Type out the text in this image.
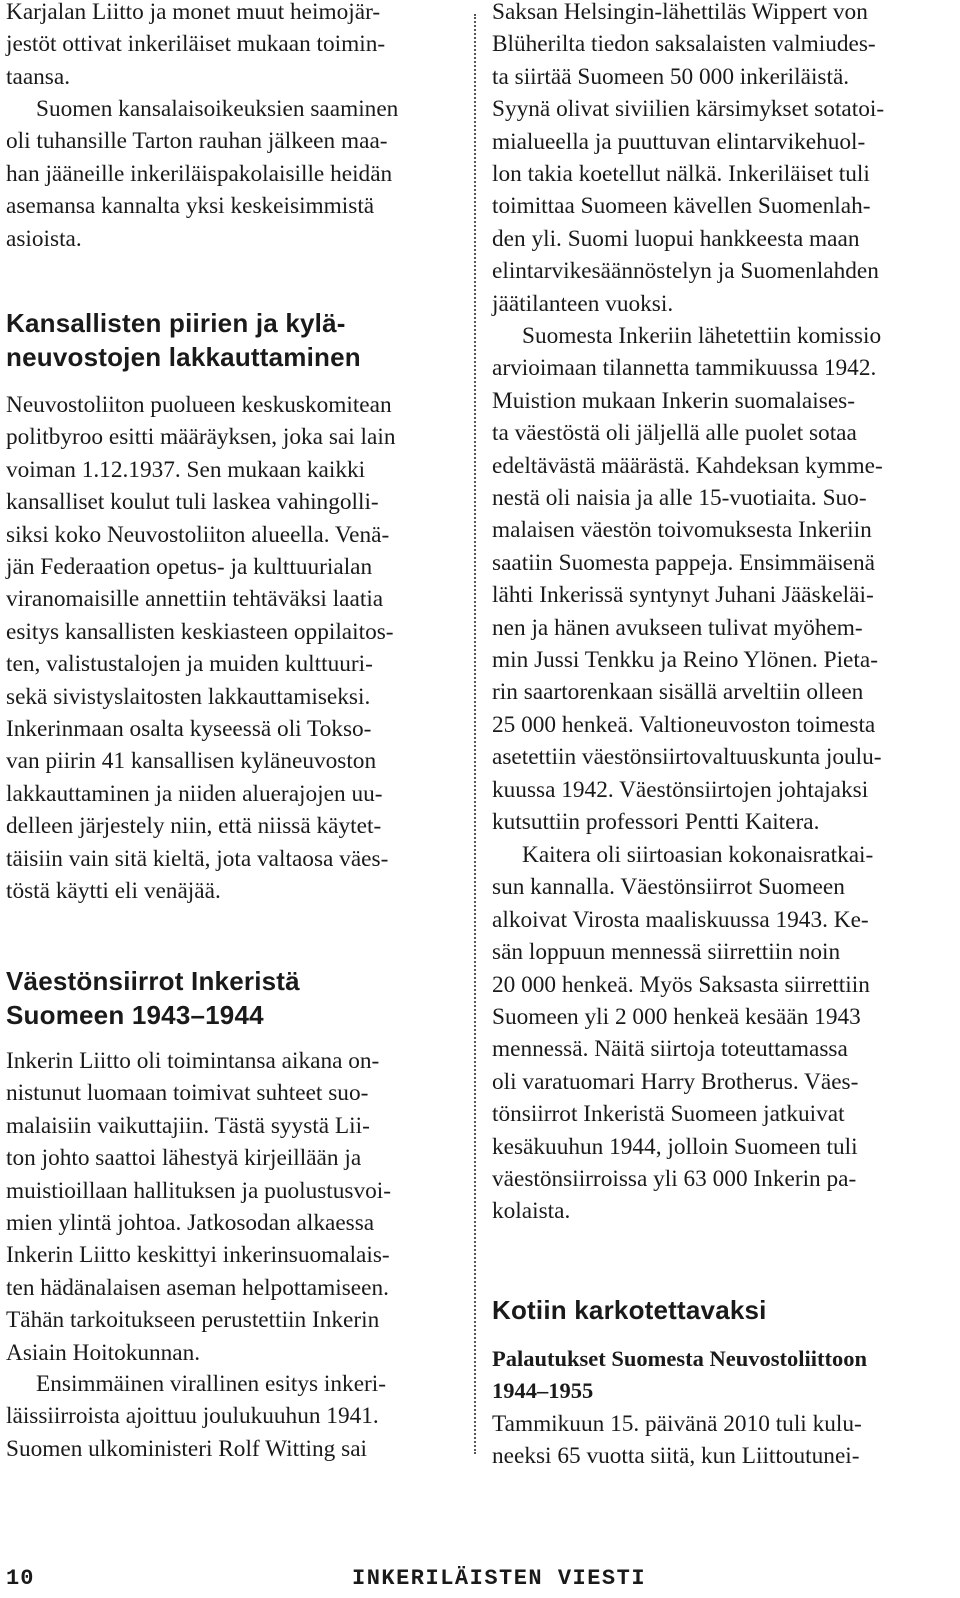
Karjalan Liitto ja monet muut heimojär-
jestöt ottivat inkeriläiset mukaan toimin-
taansa.

Suomen kansalaisoikeuksien saaminen
oli tuhansille Tarton rauhan jälkeen maa-
han jääneille inkeriläispakolaisille heidän
asemansa kannalta yksi keskeisimmistä
asioista.

Kansallisten piirien ja kylä-
neuvostojen lakkauttaminen

Neuvostoliiton puolueen keskuskomitean
politbyroo esitti määräyksen, joka sai lain
voiman 1.12.1937. Sen mukaan kaikki
kansalliset koulut tuli laskea vahingolli-
siksi koko Neuvostoliiton alueella. Venä-
jän Federaation opetus- ja kulttuurialan
viranomaisille annettiin tehtäväksi laatia
esitys kansallisten keskiasteen oppilaitos-
ten, valistustalojen ja muiden kulttuuri-
sekä sivistyslaitosten lakkauttamiseksi.
Inkerinmaan osalta kyseessä oli Tokso-
van piirin 41 kansallisen kyläneuvoston
lakkauttaminen ja niiden aluerajojen uu-
delleen järjestely niin, että niissä käytet-
täisiin vain sitä kieltä, jota valtaosa väes-
töstä käytti eli venäjää.

Väestönsiirrot Inkeristä
Suomeen 1943–1944

Inkerin Liitto oli toimintansa aikana on-
nistunut luomaan toimivat suhteet suo-
malaisiin vaikuttajiin. Tästä syystä Lii-
ton johto saattoi lähestyä kirjeillään ja
muistioillaan hallituksen ja puolustusvoi-
mien ylintä johtoa. Jatkosodan alkaessa
Inkerin Liitto keskittyi inkerinsuomalais-
ten hädänalaisen aseman helpottamiseen.
Tähän tarkoitukseen perustettiin Inkerin
Asiain Hoitokunnan.

Ensimmäinen virallinen esitys inkeri-
läissiirroista ajoittuu joulukuuhun 1941.
Suomen ulkoministeri Rolf Witting sai

Saksan Helsingin-lähettiläs Wippert von
Blüherilta tiedon saksalaisten valmiudes-
ta siirtää Suomeen 50 000 inkeriläistä.
Syynä olivat siviilien kärsimykset sotatoi-
mialueella ja puuttuvan elintarvikehuol-
lon takia koetellut nälkä. Inkeriläiset tuli
toimittaa Suomeen kävellen Suomenlah-
den yli. Suomi luopui hankkeesta maan
elintarvikesäännöstelyn ja Suomenlahden
jäätilanteen vuoksi.

Suomesta Inkeriin lähetettiin komissio
arvioimaan tilannetta tammikuussa 1942.
Muistion mukaan Inkerin suomalaises-
ta väestöstä oli jäljellä alle puolet sotaa
edeltävästä määrästä. Kahdeksan kymme-
nestä oli naisia ja alle 15-vuotiaita. Suo-
malaisen väestön toivomuksesta Inkeriin
saatiin Suomesta pappeja. Ensimmäisenä
lähti Inkerissä syntynyt Juhani Jääskeläi-
nen ja hänen avukseen tulivat myöhem-
min Jussi Tenkku ja Reino Ylönen. Pieta-
rin saartorenkaan sisällä arveltiin olleen
25 000 henkeä. Valtioneuvoston toimesta
asetettiin väestönsiirtovaltuuskunta joulu-
kuussa 1942. Väestönsiirtojen johtajaksi
kutsuttiin professori Pentti Kaitera.

Kaitera oli siirtoasian kokonaisratkai-
sun kannalla. Väestönsiirrot Suomeen
alkoivat Virosta maaliskuussa 1943. Ke-
sän loppuun mennessä siirrettiin noin
20 000 henkeä. Myös Saksasta siirrettiin
Suomeen yli 2 000 henkeä kesään 1943
mennessä. Näitä siirtoja toteuttamassa
oli varatuomari Harry Brotherus. Väes-
tönsiirrot Inkeristä Suomeen jatkuivat
kesäkuuhun 1944, jolloin Suomeen tuli
väestönsiirroissa yli 63 000 Inkerin pa-
kolaista.

Kotiin karkotettavaksi
Palautukset Suomesta Neuvostoliittoon
1944–1955

Tammikuun 15. päivänä 2010 tuli kulu-
neeksi 65 vuotta siitä, kun Liittoutunei-

10	INKERILÄISTEN VIESTI
